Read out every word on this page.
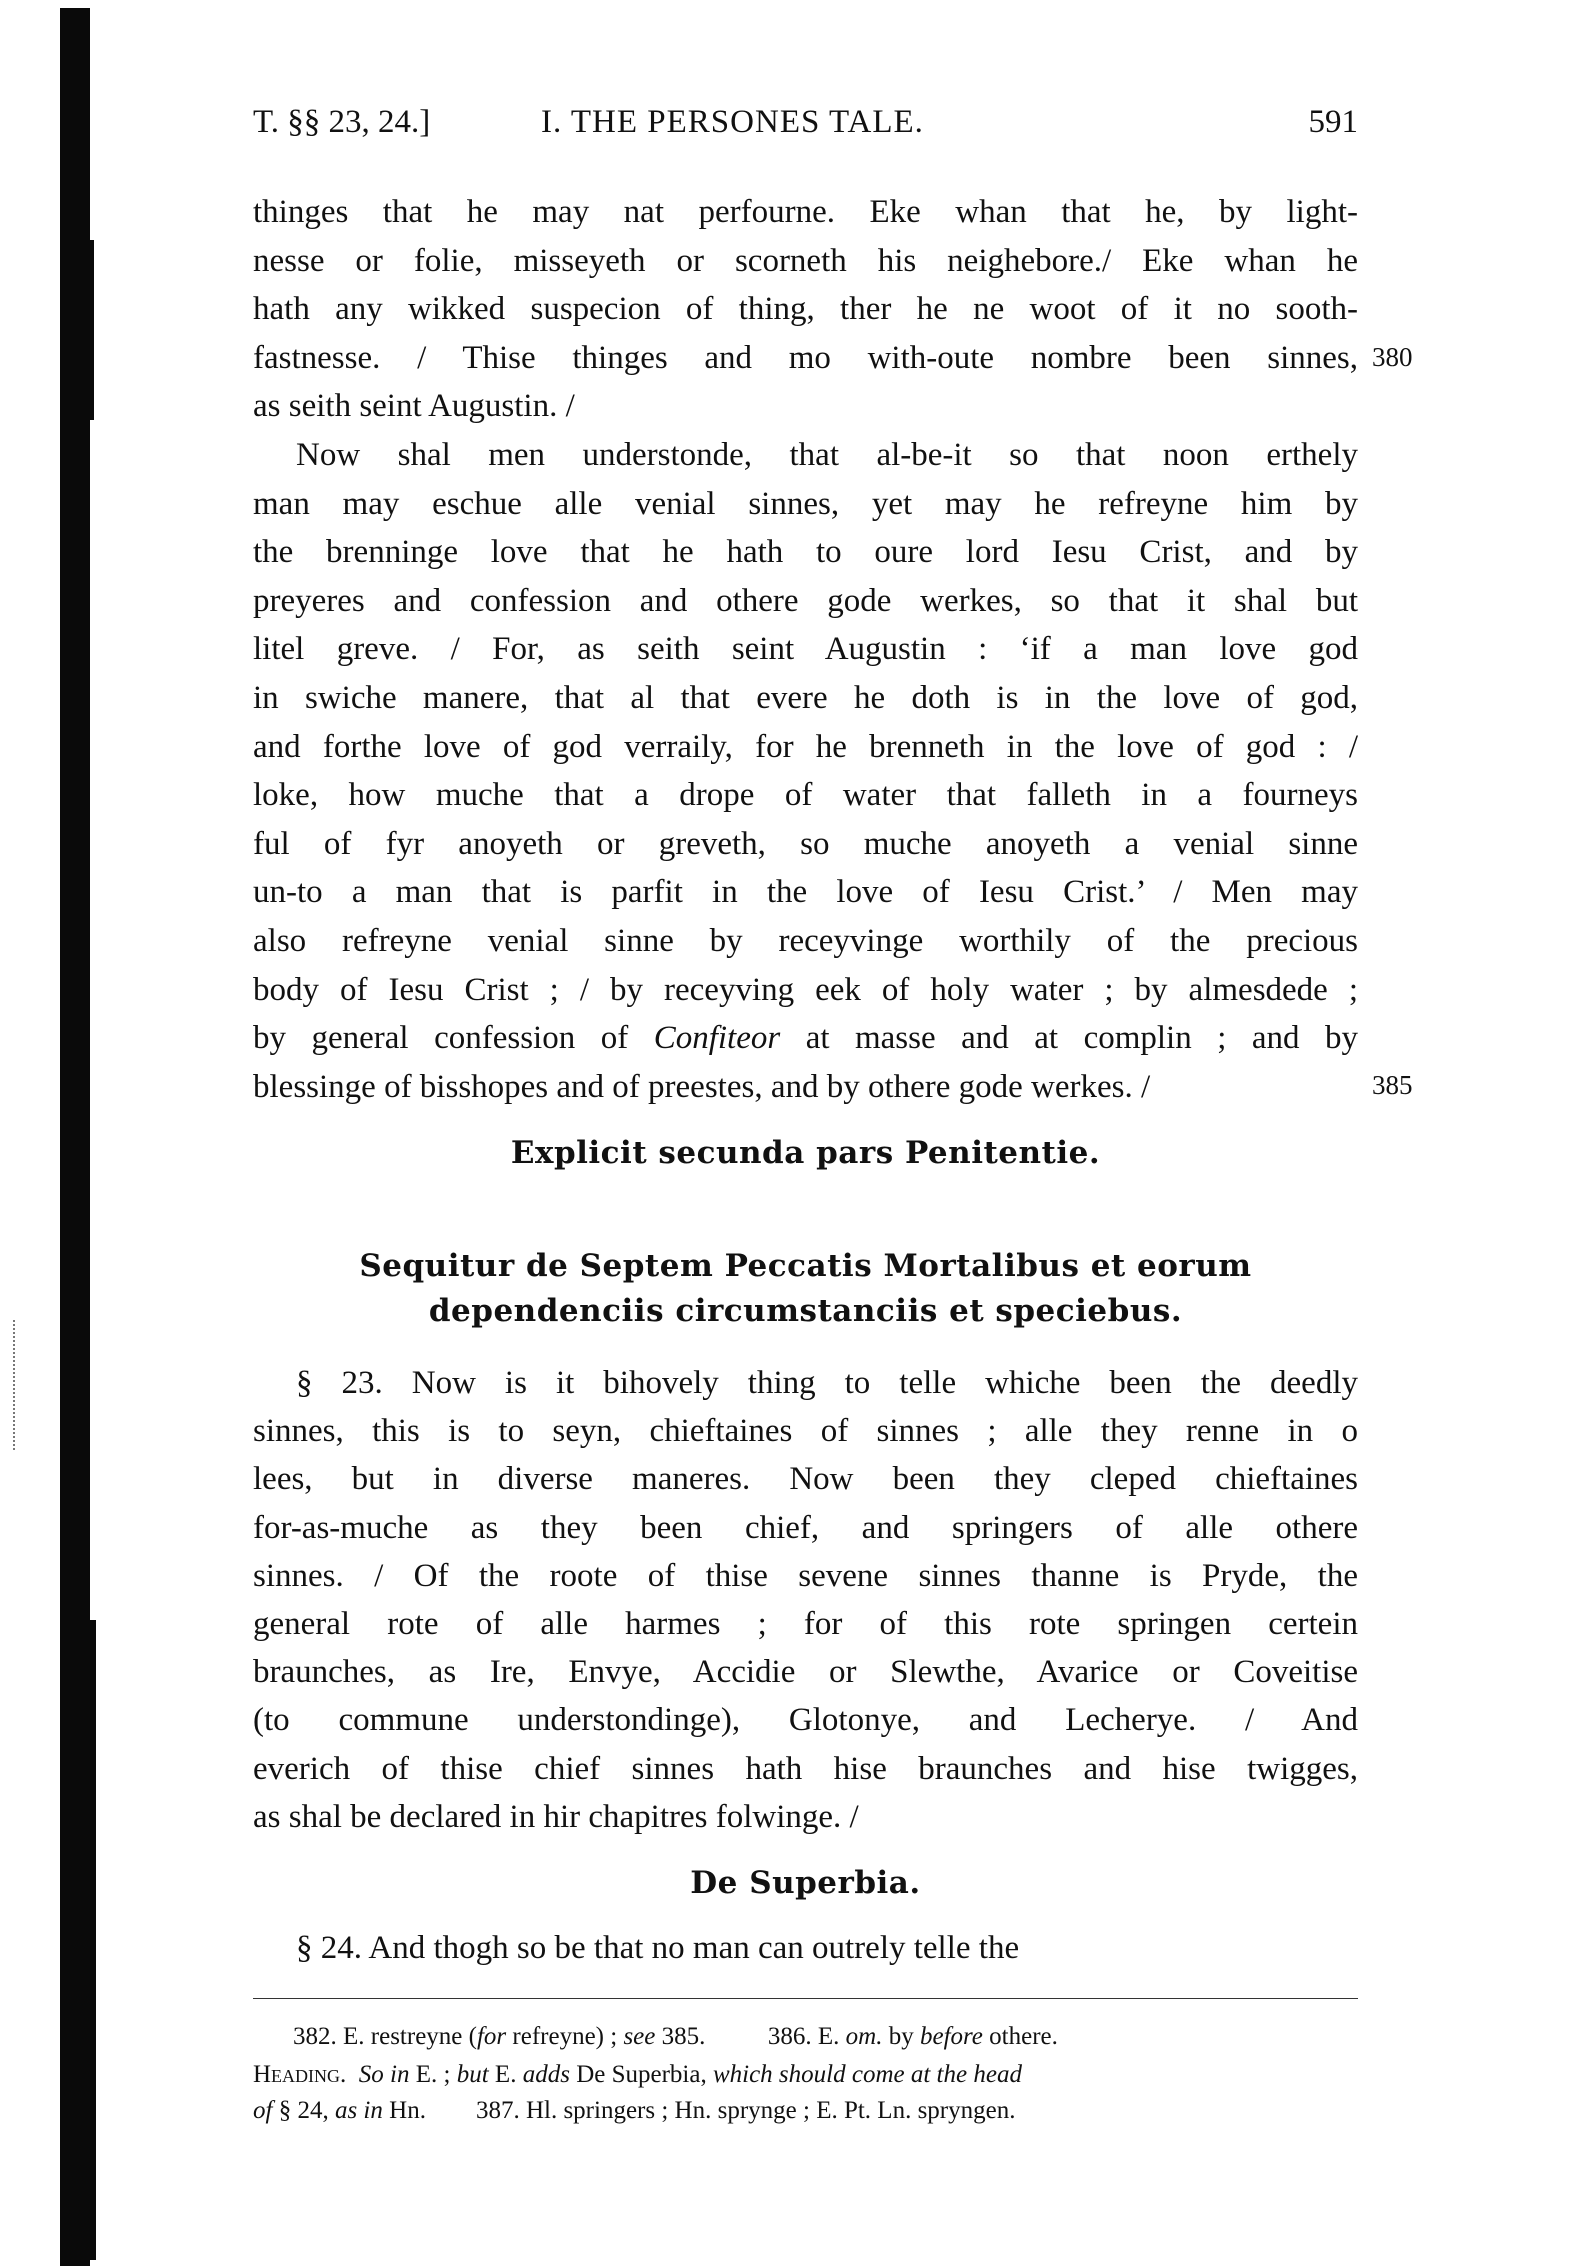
T. §§ 23, 24.]	I. THE PERSONES TALE.	591
thinges that he may nat perfourne. Eke whan that he, by light-
nesse or folie, misseyeth or scorneth his neighebore./ Eke whan he
hath any wikked suspecion of thing, ther he ne woot of it no sooth-
fastnesse. / Thise thinges and mo with-oute nombre been sinnes,
as seith seint Augustin. /
Now shal men understonde, that al-be-it so that noon erthely
man may eschue alle venial sinnes, yet may he refreyne him by
the brenninge love that he hath to oure lord Iesu Crist, and by
preyeres and confession and othere gode werkes, so that it shal but
litel greve. / For, as seith seint Augustin : ‘if a man love god
in swiche manere, that al that evere he doth is in the love of god,
and forthe love of god verraily, for he brenneth in the love of god : /
loke, how muche that a drope of water that falleth in a fourneys
ful of fyr anoyeth or greveth, so muche anoyeth a venial sinne
un-to a man that is parfit in the love of Iesu Crist.’ / Men may
also refreyne venial sinne by receyvinge worthily of the precious
body of Iesu Crist ; / by receyving eek of holy water ; by almesdede ;
by general confession of Confiteor at masse and at complin ; and by
blessinge of bisshopes and of preestes, and by othere gode werkes. /
§ 23. Now is it bihovely thing to telle whiche been the deedly
sinnes, this is to seyn, chieftaines of sinnes ; alle they renne in o
lees, but in diverse maneres. Now been they cleped chieftaines
for-as-muche as they been chief, and springers of alle othere
sinnes. / Of the roote of thise sevene sinnes thanne is Pryde, the
general rote of alle harmes ; for of this rote springen certein
braunches, as Ire, Envye, Accidie or Slewthe, Avarice or Coveitise
(to commune understondinge), Glotonye, and Lecherye. / And
everich of thise chief sinnes hath hise braunches and hise twigges,
as shal be declared in hir chapitres folwinge. /
§ 24. And thogh so be that no man can outrely telle the
380
385
Explicit secunda pars Penitentie.
Sequitur de Septem Peccatis Mortalibus et eorum
dependenciis circumstanciis et speciebus.
De Superbia.
382. E. restreyne (for refreyne) ; see 385.          386. E. om. by before othere.
Heading. So in E. ; but E. adds De Superbia, which should come at the head
of § 24, as in Hn.        387. Hl. springers ; Hn. sprynge ; E. Pt. Ln. spryngen.
